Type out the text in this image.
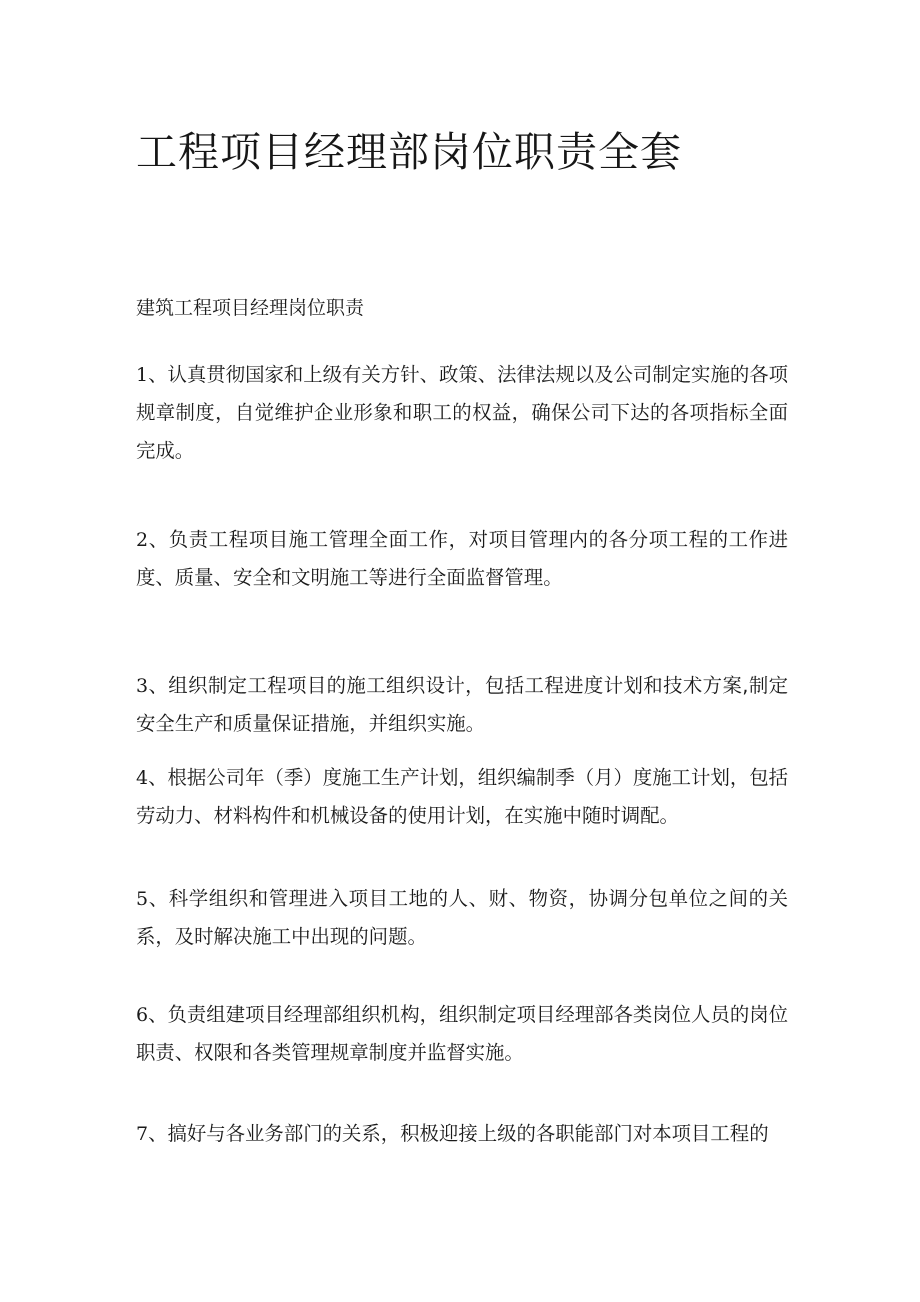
工程项目经理部岗位职责全套
建筑工程项目经理岗位职责

1、认真贯彻国家和上级有关方针、政策、法律法规以及公司制定实施的各项规章制度，自觉维护企业形象和职工的权益，确保公司下达的各项指标全面完成。

2、负责工程项目施工管理全面工作，对项目管理内的各分项工程的工作进度、质量、安全和文明施工等进行全面监督管理。

3、组织制定工程项目的施工组织设计，包括工程进度计划和技术方案,制定安全生产和质量保证措施，并组织实施。

4、根据公司年（季）度施工生产计划，组织编制季（月）度施工计划，包括劳动力、材料构件和机械设备的使用计划，在实施中随时调配。

5、科学组织和管理进入项目工地的人、财、物资，协调分包单位之间的关系，及时解决施工中出现的问题。

6、负责组建项目经理部组织机构，组织制定项目经理部各类岗位人员的岗位职责、权限和各类管理规章制度并监督实施。

7、搞好与各业务部门的关系，积极迎接上级的各职能部门对本项目工程的
